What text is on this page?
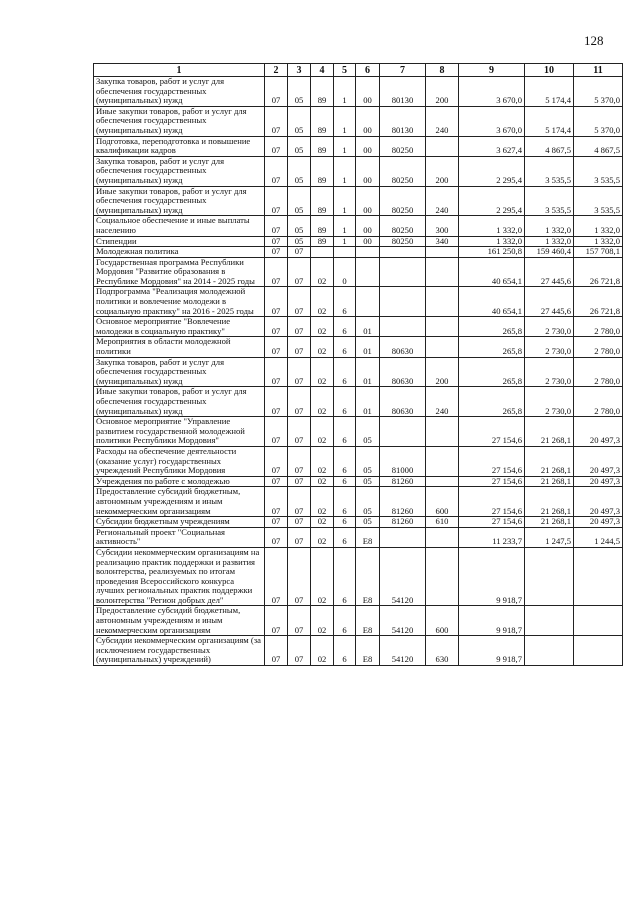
128
1	2	3	4	5	6	7	8	9	10	11
Закупка товаров, работ и услуг для обеспечения государственных (муниципальных) нужд	07	05	89	1	00	80130	200	3 670,0	5 174,4	5 370,0
Иные закупки товаров, работ и услуг для обеспечения государственных (муниципальных) нужд	07	05	89	1	00	80130	240	3 670,0	5 174,4	5 370,0
Подготовка, переподготовка и повышение квалификации кадров	07	05	89	1	00	80250		3 627,4	4 867,5	4 867,5
Закупка товаров, работ и услуг для обеспечения государственных (муниципальных) нужд	07	05	89	1	00	80250	200	2 295,4	3 535,5	3 535,5
Иные закупки товаров, работ и услуг для обеспечения государственных (муниципальных) нужд	07	05	89	1	00	80250	240	2 295,4	3 535,5	3 535,5
Социальное обеспечение и иные выплаты населению	07	05	89	1	00	80250	300	1 332,0	1 332,0	1 332,0
Стипендии	07	05	89	1	00	80250	340	1 332,0	1 332,0	1 332,0
Молодежная политика	07	07						161 250,8	159 460,4	157 708,1
Государственная программа Республики Мордовия "Развитие образования в Республике Мордовия" на 2014 - 2025 годы	07	07	02	0				40 654,1	27 445,6	26 721,8
Подпрограмма "Реализация молодежной политики и вовлечение молодежи в социальную практику" на 2016 - 2025 годы	07	07	02	6				40 654,1	27 445,6	26 721,8
Основное мероприятие "Вовлечение молодежи в социальную практику"	07	07	02	6	01			265,8	2 730,0	2 780,0
Мероприятия в области молодежной политики	07	07	02	6	01	80630		265,8	2 730,0	2 780,0
Закупка товаров, работ и услуг для обеспечения государственных (муниципальных) нужд	07	07	02	6	01	80630	200	265,8	2 730,0	2 780,0
Иные закупки товаров, работ и услуг для обеспечения государственных (муниципальных) нужд	07	07	02	6	01	80630	240	265,8	2 730,0	2 780,0
Основное мероприятие "Управление развитием государственной молодежной политики Республики Мордовия"	07	07	02	6	05			27 154,6	21 268,1	20 497,3
Расходы на обеспечение деятельности (оказание услуг) государственных учреждений Республики Мордовия	07	07	02	6	05	81000		27 154,6	21 268,1	20 497,3
Учреждения по работе с молодежью	07	07	02	6	05	81260		27 154,6	21 268,1	20 497,3
Предоставление субсидий бюджетным, автономным учреждениям и иным некоммерческим организациям	07	07	02	6	05	81260	600	27 154,6	21 268,1	20 497,3
Субсидии бюджетным учреждениям	07	07	02	6	05	81260	610	27 154,6	21 268,1	20 497,3
Региональный проект "Социальная активность"	07	07	02	6	E8			11 233,7	1 247,5	1 244,5
Субсидии некоммерческим организациям на реализацию практик поддержки и развития волонтерства, реализуемых по итогам проведения Всероссийского конкурса лучших региональных практик поддержки волонтерства "Регион добрых дел"	07	07	02	6	E8	54120		9 918,7		
Предоставление субсидий бюджетным, автономным учреждениям и иным некоммерческим организациям	07	07	02	6	E8	54120	600	9 918,7		
Субсидии некоммерческим организациям (за исключением государственных (муниципальных) учреждений)	07	07	02	6	E8	54120	630	9 918,7		
